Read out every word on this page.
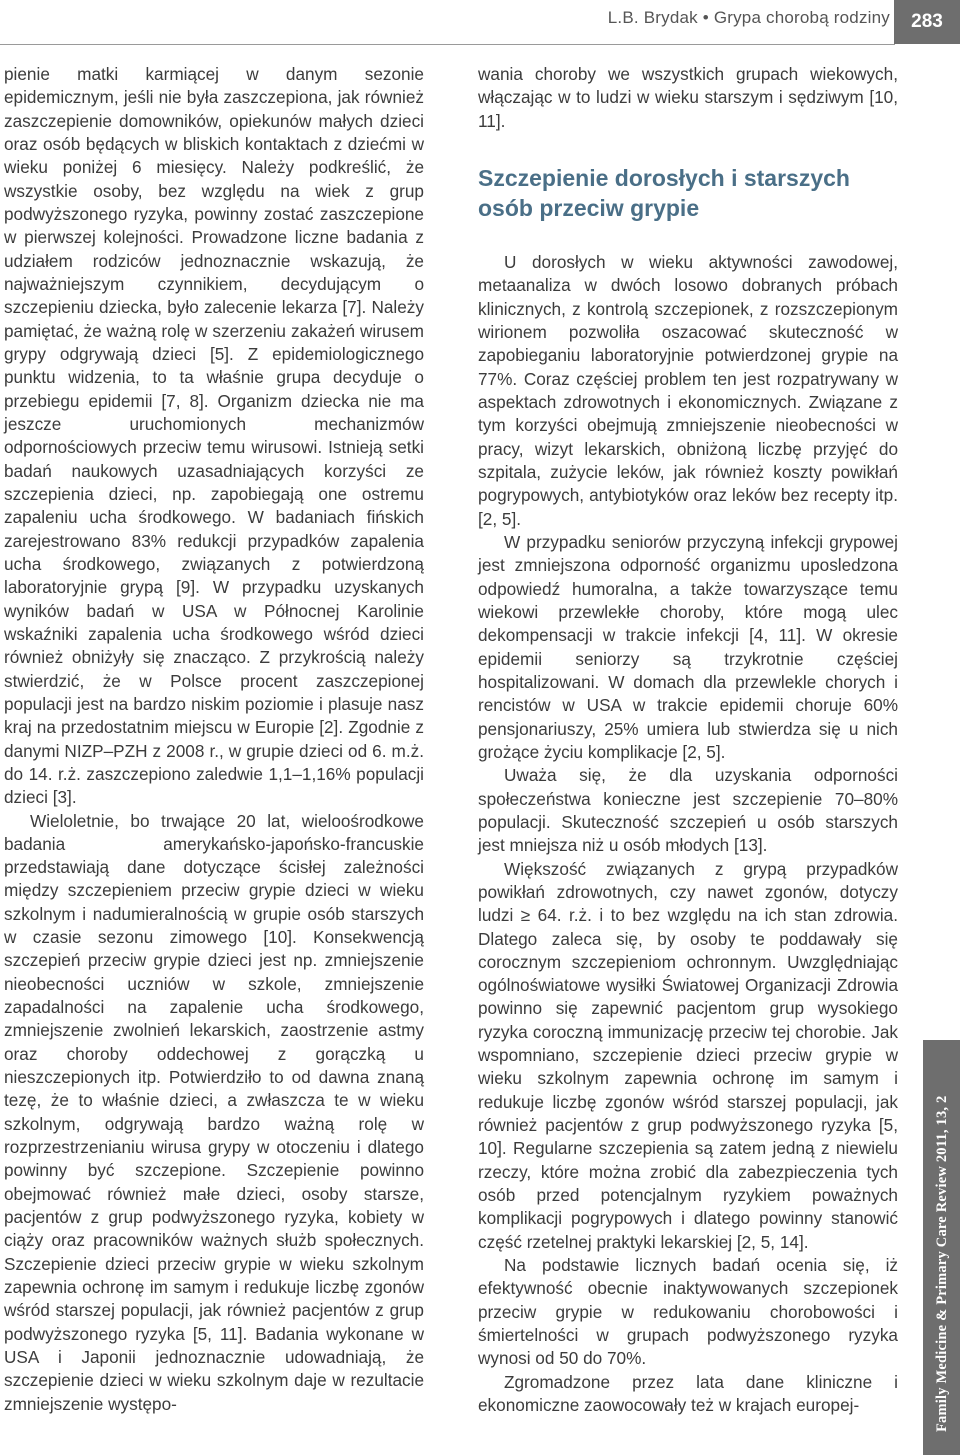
L.B. Brydak • Grypa chorobą rodziny	283

pienie matki karmiącej w danym sezonie epidemicznym, jeśli nie była zaszczepiona, jak również zaszczepienie domowników, opiekunów małych dzieci oraz osób będących w bliskich kontaktach z dziećmi w wieku poniżej 6 miesięcy. Należy podkreślić, że wszystkie osoby, bez względu na wiek z grup podwyższonego ryzyka, powinny zostać zaszczepione w pierwszej kolejności. Prowadzone liczne badania z udziałem rodziców jednoznacznie wskazują, że najważniejszym czynnikiem, decydującym o szczepieniu dziecka, było zalecenie lekarza [7]. Należy pamiętać, że ważną rolę w szerzeniu zakażeń wirusem grypy odgrywają dzieci [5]. Z epidemiologicznego punktu widzenia, to ta właśnie grupa decyduje o przebiegu epidemii [7, 8]. Organizm dziecka nie ma jeszcze uruchomionych mechanizmów odpornościowych przeciw temu wirusowi. Istnieją setki badań naukowych uzasadniających korzyści ze szczepienia dzieci, np. zapobiegają one ostremu zapaleniu ucha środkowego. W badaniach fińskich zarejestrowano 83% redukcji przypadków zapalenia ucha środkowego, związanych z potwierdzoną laboratoryjnie grypą [9]. W przypadku uzyskanych wyników badań w USA w Północnej Karolinie wskaźniki zapalenia ucha środkowego wśród dzieci również obniżyły się znacząco. Z przykrością należy stwierdzić, że w Polsce procent zaszczepionej populacji jest na bardzo niskim poziomie i plasuje nasz kraj na przedostatnim miejscu w Europie [2]. Zgodnie z danymi NIZP–PZH z 2008 r., w grupie dzieci od 6. m.ż. do 14. r.ż. zaszczepiono zaledwie 1,1–1,16% populacji dzieci [3].

Wieloletnie, bo trwające 20 lat, wieloośrodkowe badania amerykańsko-japońsko-francuskie przedstawiają dane dotyczące ścisłej zależności między szczepieniem przeciw grypie dzieci w wieku szkolnym i nadumieralnością w grupie osób starszych w czasie sezonu zimowego [10]. Konsekwencją szczepień przeciw grypie dzieci jest np. zmniejszenie nieobecności uczniów w szkole, zmniejszenie zapadalności na zapalenie ucha środkowego, zmniejszenie zwolnień lekarskich, zaostrzenie astmy oraz choroby oddechowej z gorączką u nieszczepionych itp. Potwierdziło to od dawna znaną tezę, że to właśnie dzieci, a zwłaszcza te w wieku szkolnym, odgrywają bardzo ważną rolę w rozprzestrzenianiu wirusa grypy w otoczeniu i dlatego powinny być szczepione. Szczepienie powinno obejmować również małe dzieci, osoby starsze, pacjentów z grup podwyższonego ryzyka, kobiety w ciąży oraz pracowników ważnych służb społecznych. Szczepienie dzieci przeciw grypie w wieku szkolnym zapewnia ochronę im samym i redukuje liczbę zgonów wśród starszej populacji, jak również pacjentów z grup podwyższonego ryzyka [5, 11]. Badania wykonane w USA i Japonii jednoznacznie udowadniają, że szczepienie dzieci w wieku szkolnym daje w rezultacie zmniejszenie występo-

wania choroby we wszystkich grupach wiekowych, włączając w to ludzi w wieku starszym i sędziwym [10, 11].

Szczepienie dorosłych i starszych osób przeciw grypie

U dorosłych w wieku aktywności zawodowej, metaanaliza w dwóch losowo dobranych próbach klinicznych, z kontrolą szczepionek, z rozszczepionym wirionem pozwoliła oszacować skuteczność w zapobieganiu laboratoryjnie potwierdzonej grypie na 77%. Coraz częściej problem ten jest rozpatrywany w aspektach zdrowotnych i ekonomicznych. Związane z tym korzyści obejmują zmniejszenie nieobecności w pracy, wizyt lekarskich, obniżoną liczbę przyjęć do szpitala, zużycie leków, jak również koszty powikłań pogrypowych, antybiotyków oraz leków bez recepty itp. [2, 5].

W przypadku seniorów przyczyną infekcji grypowej jest zmniejszona odporność organizmu uposledzona odpowiedź humoralna, a także towarzyszące temu wiekowi przewlekłe choroby, które mogą ulec dekompensacji w trakcie infekcji [4, 11]. W okresie epidemii seniorzy są trzykrotnie częściej hospitalizowani. W domach dla przewlekle chorych i rencistów w USA w trakcie epidemii choruje 60% pensjonariuszy, 25% umiera lub stwierdza się u nich grożące życiu komplikacje [2, 5].

Uważa się, że dla uzyskania odporności społeczeństwa konieczne jest szczepienie 70–80% populacji. Skuteczność szczepień u osób starszych jest mniejsza niż u osób młodych [13].

Większość związanych z grypą przypadków powikłań zdrowotnych, czy nawet zgonów, dotyczy ludzi ≥ 64. r.ż. i to bez względu na ich stan zdrowia. Dlatego zaleca się, by osoby te poddawały się corocznym szczepieniom ochronnym. Uwzględniając ogólnoświatowe wysiłki Światowej Organizacji Zdrowia powinno się zapewnić pacjentom grup wysokiego ryzyka coroczną immunizację przeciw tej chorobie. Jak wspomniano, szczepienie dzieci przeciw grypie w wieku szkolnym zapewnia ochronę im samym i redukuje liczbę zgonów wśród starszej populacji, jak również pacjentów z grup podwyższonego ryzyka [5, 10]. Regularne szczepienia są zatem jedną z niewielu rzeczy, które można zrobić dla zabezpieczenia tych osób przed potencjalnym ryzykiem poważnych komplikacji pogrypowych i dlatego powinny stanowić część rzetelnej praktyki lekarskiej [2, 5, 14].

Na podstawie licznych badań ocenia się, iż efektywność obecnie inaktywowanych szczepionek przeciw grypie w redukowaniu chorobowości i śmiertelności w grupach podwyższonego ryzyka wynosi od 50 do 70%.

Zgromadzone przez lata dane kliniczne i ekonomiczne zaowocowały też w krajach europej-	Family Medicine & Primary Care Review 2011, 13, 2
